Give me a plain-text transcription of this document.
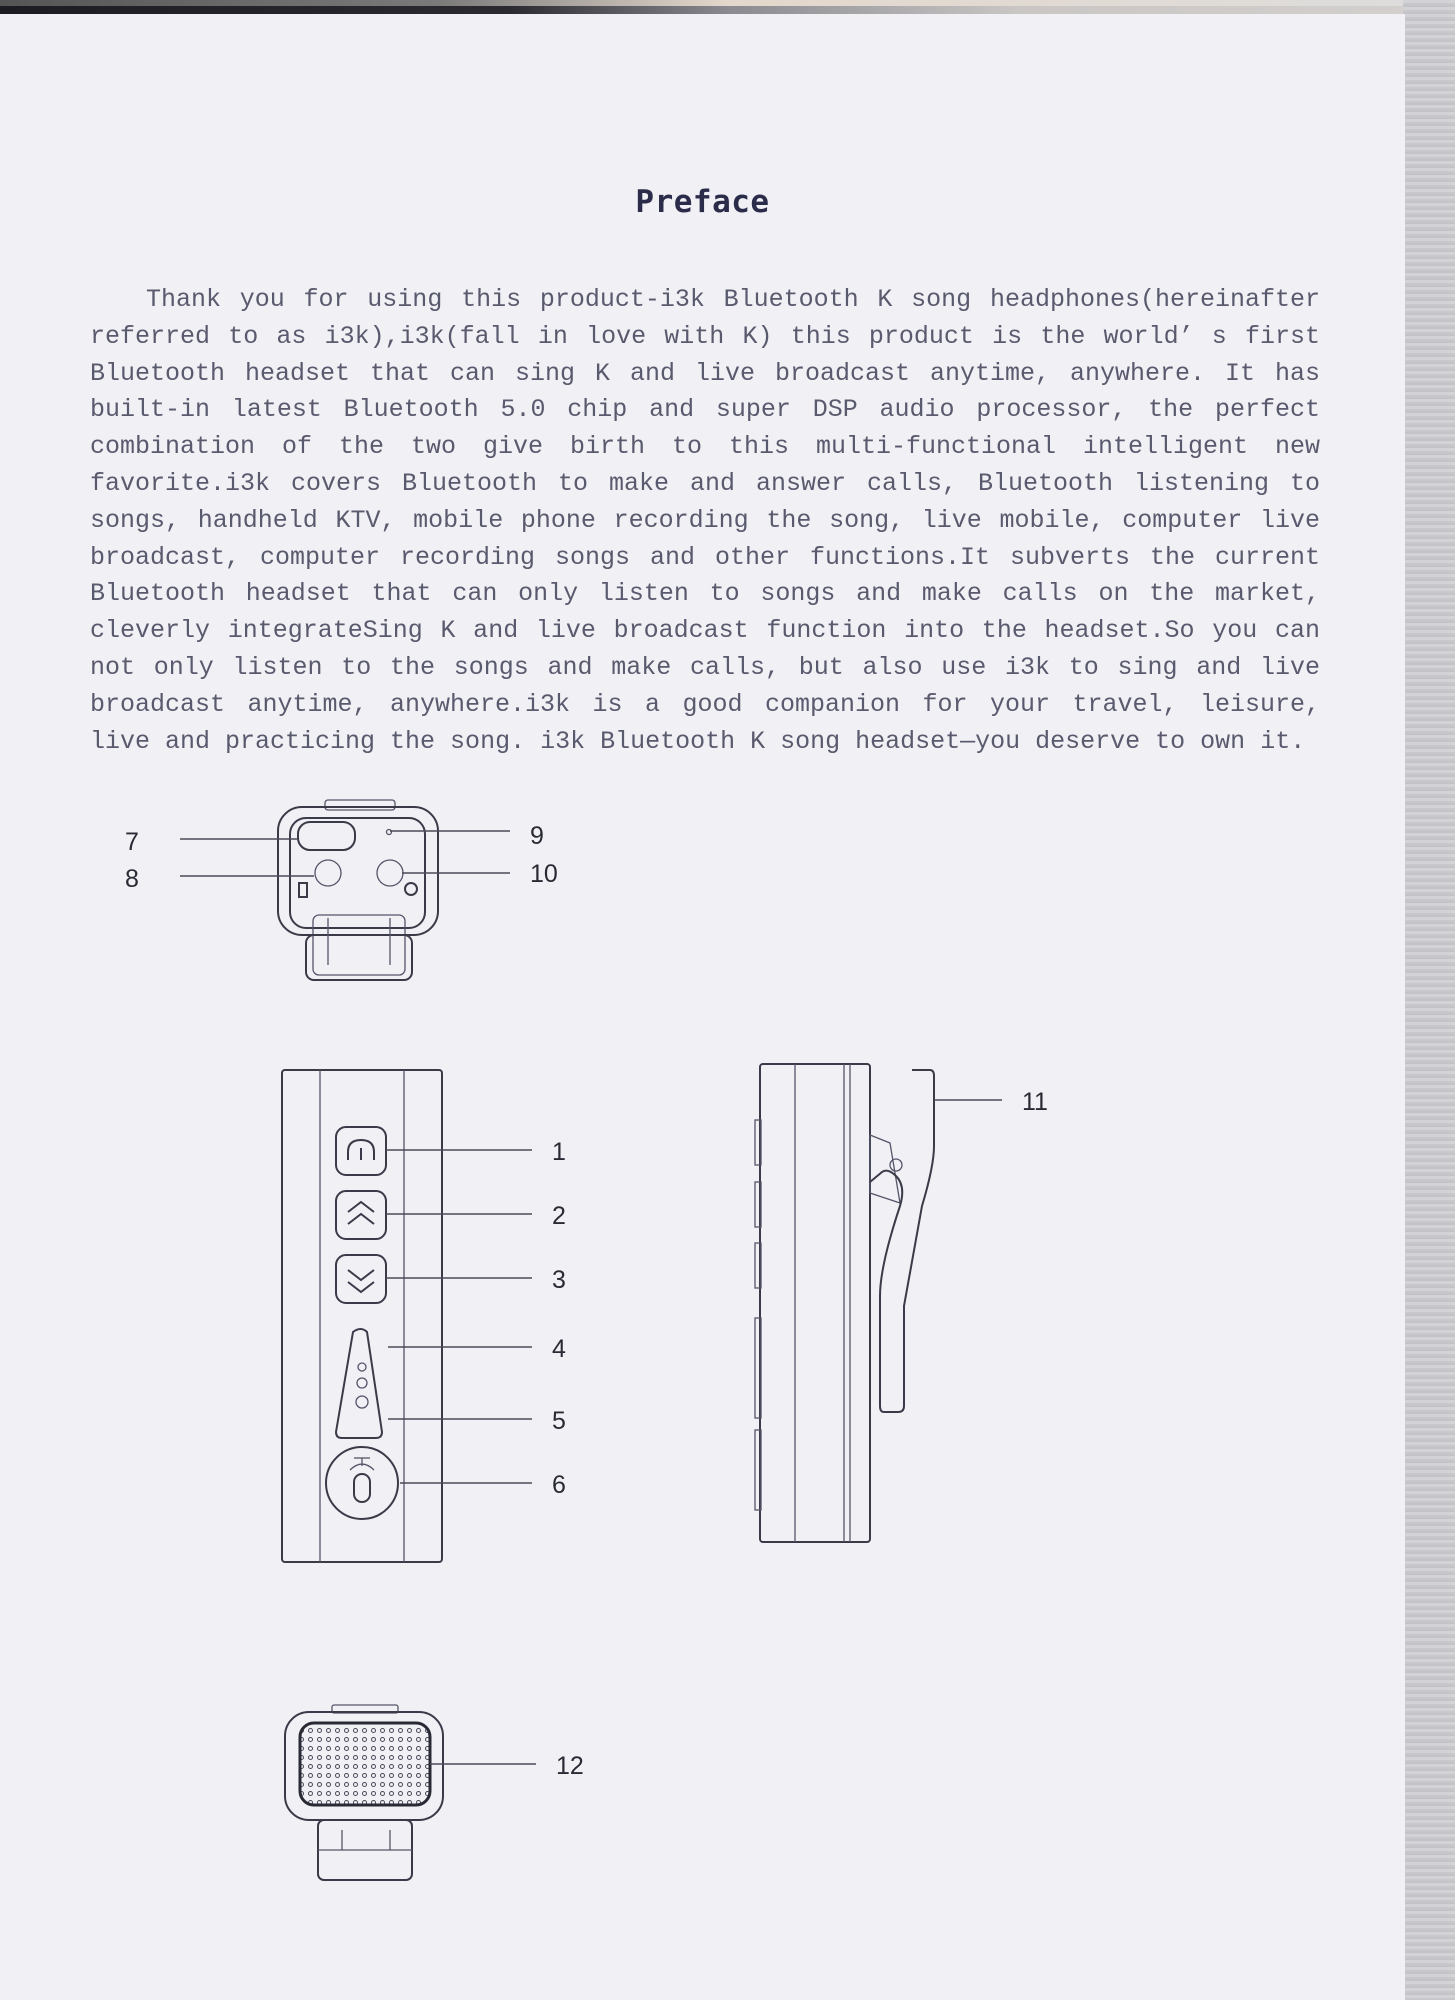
Preface

Thank you for using this product-i3k Bluetooth K song headphones(hereinafter referred to as i3k),i3k(fall in love with K) this product is the world’ s first Bluetooth headset that can sing K and live broadcast anytime, anywhere. It has built-in latest Bluetooth 5.0 chip and super DSP audio processor, the perfect combination of the two give birth to this multi-functional intelligent new favorite.i3k covers Bluetooth to make and answer calls, Bluetooth listening to songs, handheld KTV, mobile phone recording the song, live mobile, computer live broadcast, computer recording songs and other functions.It subverts the current Bluetooth headset that can only listen to songs and make calls on the market, cleverly integrateSing K and live broadcast function into the headset.So you can not only listen to the songs and make calls, but also use i3k to sing and live broadcast anytime, anywhere.i3k is a good companion for your travel, leisure, live and practicing the song. i3k Bluetooth K song headset—you deserve to own it.

7
8
9
10
1
2
3
4
5
6
11
12
